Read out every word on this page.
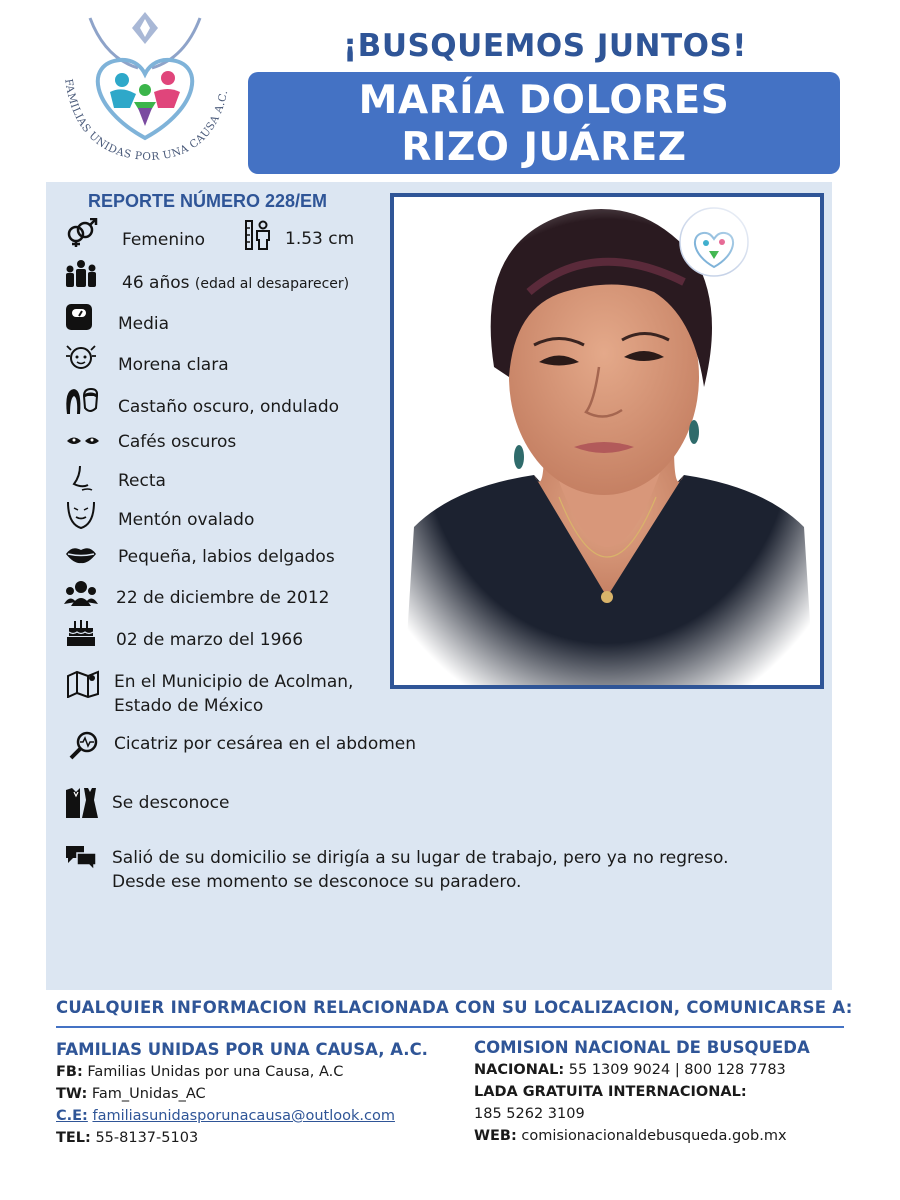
FAMILIAS UNIDAS POR UNA CAUSA A.C.
¡BUSQUEMOS JUNTOS!
MARÍA DOLORES
RIZO JUÁREZ
REPORTE NÚMERO 228/EM
Femenino	1.53 cm
46 años (edad al desaparecer)
Media
Morena clara
Castaño oscuro, ondulado
Cafés oscuros
Recta
Mentón ovalado
Pequeña, labios delgados
22 de diciembre de 2012
02 de marzo del 1966
En el Municipio de Acolman,
Estado de México
Cicatriz por cesárea en el abdomen
Se desconoce
Salió de su domicilio se dirigía a su lugar de trabajo, pero ya no regreso.
Desde ese momento se desconoce su paradero.
CUALQUIER INFORMACION RELACIONADA CON SU LOCALIZACION, COMUNICARSE A:
FAMILIAS UNIDAS POR UNA CAUSA, A.C.
FB: Familias Unidas por una Causa, A.C
TW: Fam_Unidas_AC
C.E: familiasunidasporunacausa@outlook.com
TEL: 55-8137-5103
COMISION NACIONAL DE BUSQUEDA
NACIONAL: 55 1309 9024 | 800 128 7783
LADA GRATUITA INTERNACIONAL:
185 5262 3109
WEB: comisionacionaldebusqueda.gob.mx
